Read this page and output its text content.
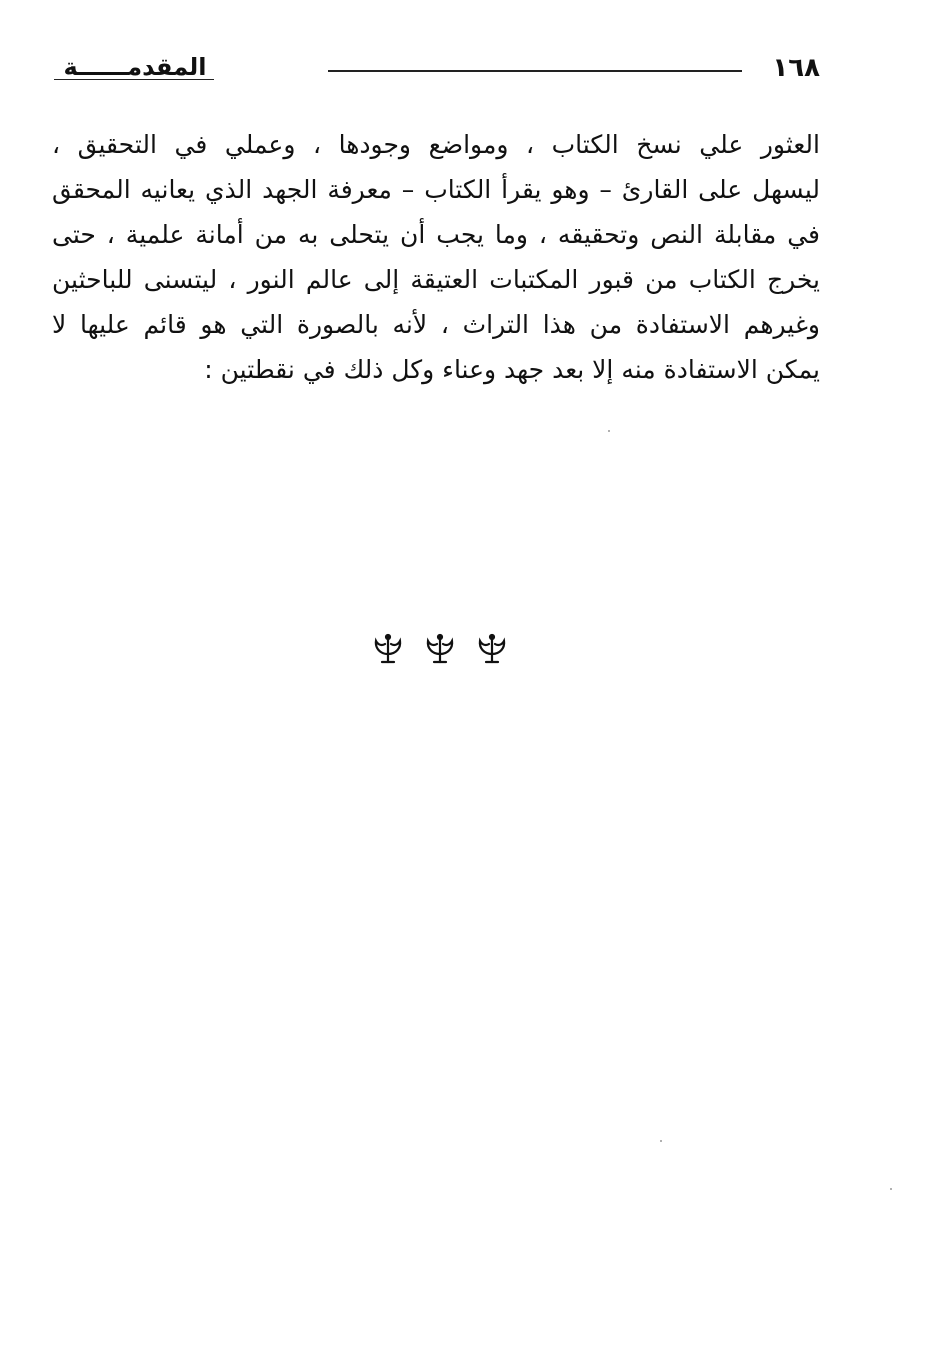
١٦٨
المقدمــــــة
العثور علي نسخ الكتاب ، ومواضع وجودها ، وعملي في التحقيق ،
ليسهل على القارئ – وهو يقرأ الكتاب – معرفة الجهد الذي يعانيه المحقق
في مقابلة النص وتحقيقه ، وما يجب أن يتحلى به من أمانة علمية ، حتى
يخرج الكتاب من قبور المكتبات العتيقة إلى عالم النور ، ليتسنى للباحثين
وغيرهم الاستفادة من هذا التراث ، لأنه بالصورة التي هو قائم عليها لا
يمكن الاستفادة منه إلا بعد جهد وعناء وكل ذلك في نقطتين :
